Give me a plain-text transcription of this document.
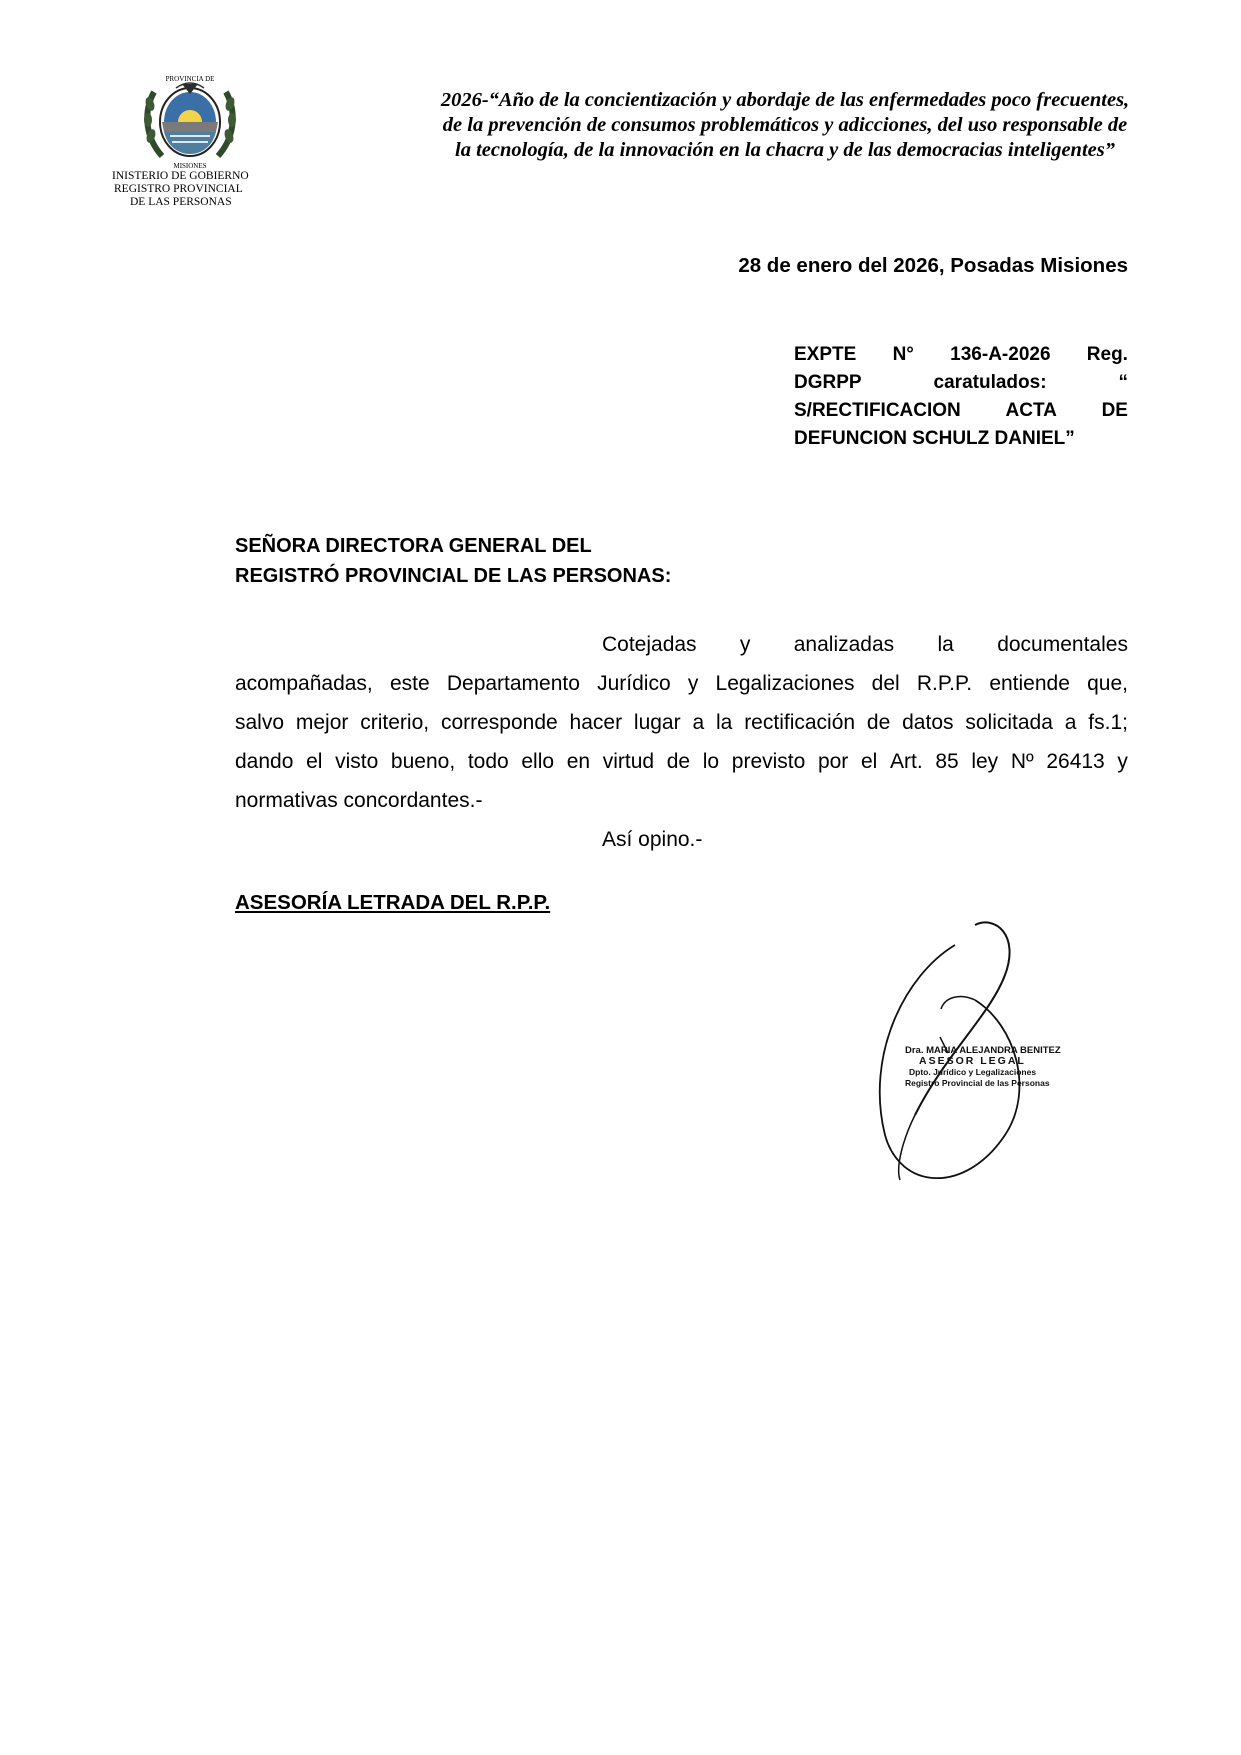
PROVINCIA DE
MISIONES
INISTERIO DE GOBIERNO
REGISTRO PROVINCIAL
DE LAS PERSONAS
2026-“Año de la concientización y abordaje de las enfermedades poco frecuentes,
de la prevención de consumos problemáticos y adicciones, del uso responsable de
la tecnología, de la innovación en la chacra y de las democracias inteligentes”
28 de enero del 2026, Posadas Misiones
EXPTE N° 136-A-2026 Reg.
DGRPP	caratulados:	“
S/RECTIFICACION ACTA DE
DEFUNCION SCHULZ DANIEL”
SEÑORA DIRECTORA GENERAL DEL
REGISTRÓ PROVINCIAL DE LAS PERSONAS:
Cotejadas y analizadas la documentales
acompañadas, este Departamento Jurídico y Legalizaciones del R.P.P. entiende que,
salvo mejor criterio, corresponde hacer lugar a la rectificación de datos solicitada a fs.1;
dando el visto bueno, todo ello en virtud de lo previsto por el Art. 85 ley Nº 26413 y
normativas concordantes.-
Así opino.-
ASESORÍA LETRADA DEL R.P.P.
Dra. MARIA ALEJANDRA BENITEZ
ASESOR LEGAL
Dpto. Jurídico y Legalizaciones
Registro Provincial de las Personas
